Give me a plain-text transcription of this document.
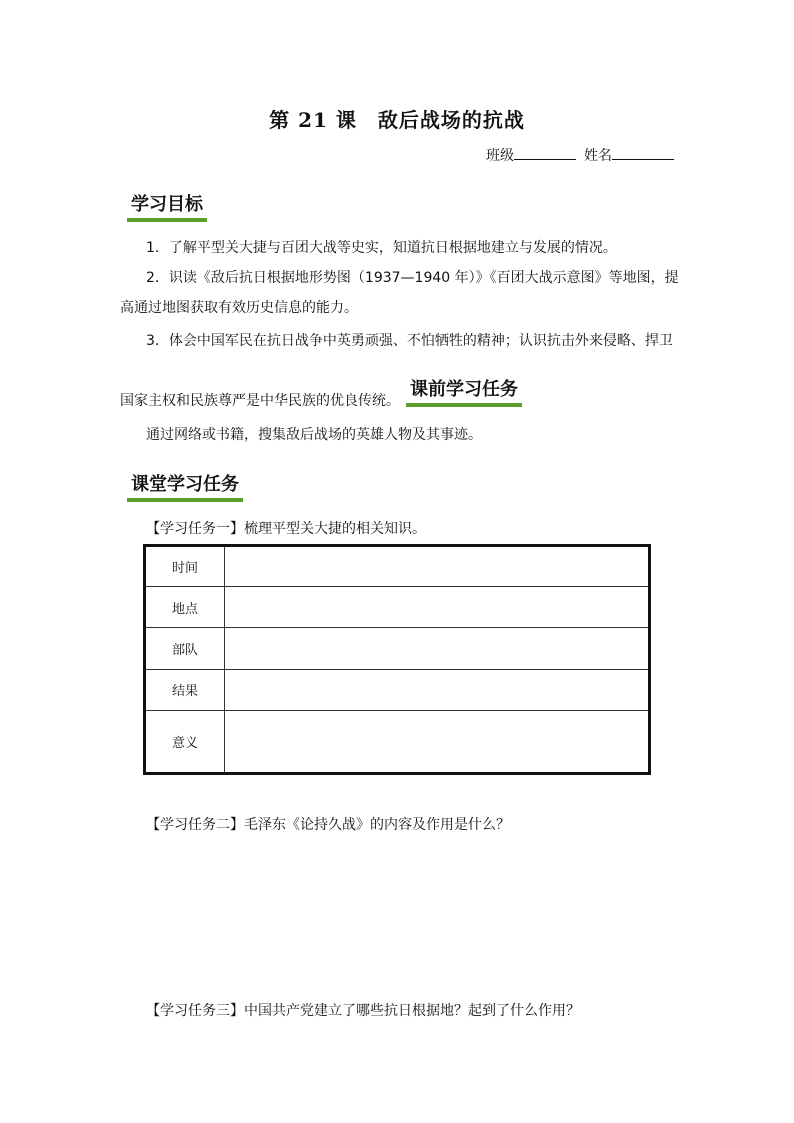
第 21 课　敌后战场的抗战
班级	姓名
学习目标
1．了解平型关大捷与百团大战等史实，知道抗日根据地建立与发展的情况。
2．识读《敌后抗日根据地形势图（1937—1940 年）》《百团大战示意图》等地图，提
高通过地图获取有效历史信息的能力。
3．体会中国军民在抗日战争中英勇顽强、不怕牺牲的精神；认识抗击外来侵略、捍卫
国家主权和民族尊严是中华民族的优良传统。
课前学习任务
通过网络或书籍，搜集敌后战场的英雄人物及其事迹。
课堂学习任务
【学习任务一】梳理平型关大捷的相关知识。
时间	
地点	
部队	
结果	
意义	
【学习任务二】毛泽东《论持久战》的内容及作用是什么？
【学习任务三】中国共产党建立了哪些抗日根据地？起到了什么作用？
